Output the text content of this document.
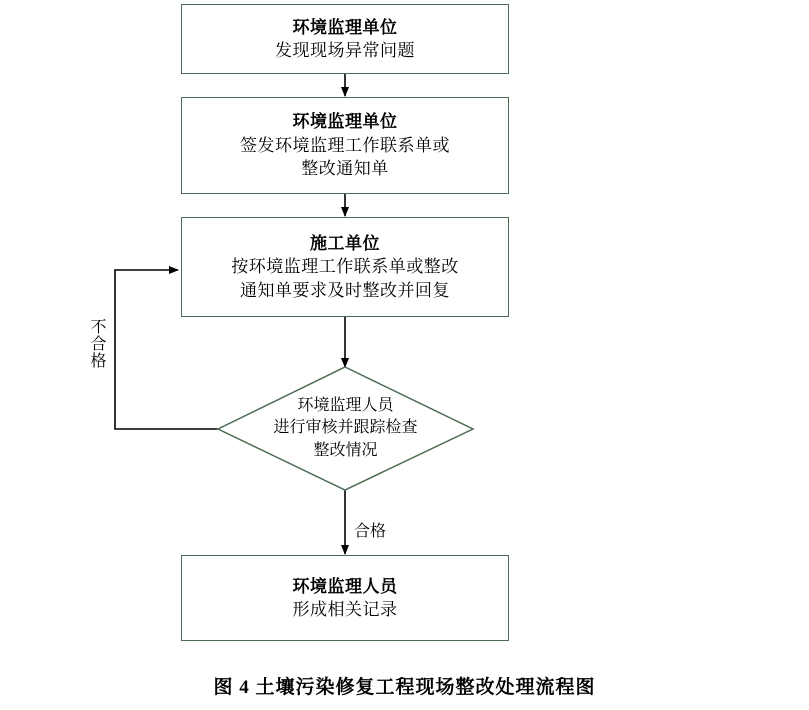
环境监理单位
发现现场异常问题
环境监理单位
签发环境监理工作联系单或
整改通知单
施工单位
按环境监理工作联系单或整改
通知单要求及时整改并回复
环境监理人员
进行审核并跟踪检查
整改情况
环境监理人员
形成相关记录
不合格
合格
图 4 土壤污染修复工程现场整改处理流程图
